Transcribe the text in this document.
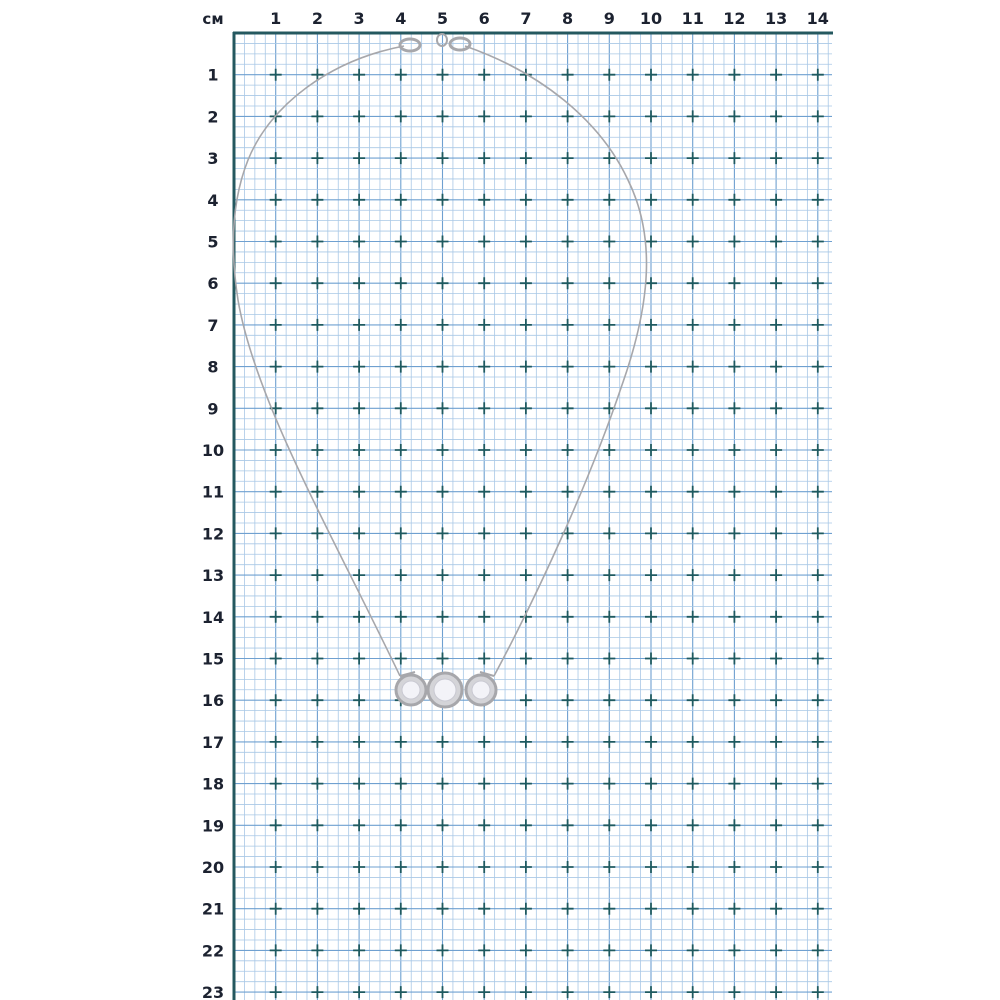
см	1 2 3 4 5 6 7 8 9 10 11 12 13 14
1
2
3
4
5
6
7
8
9
10
11
12
13
14
15
16
17
18
19
20
21
22
23
